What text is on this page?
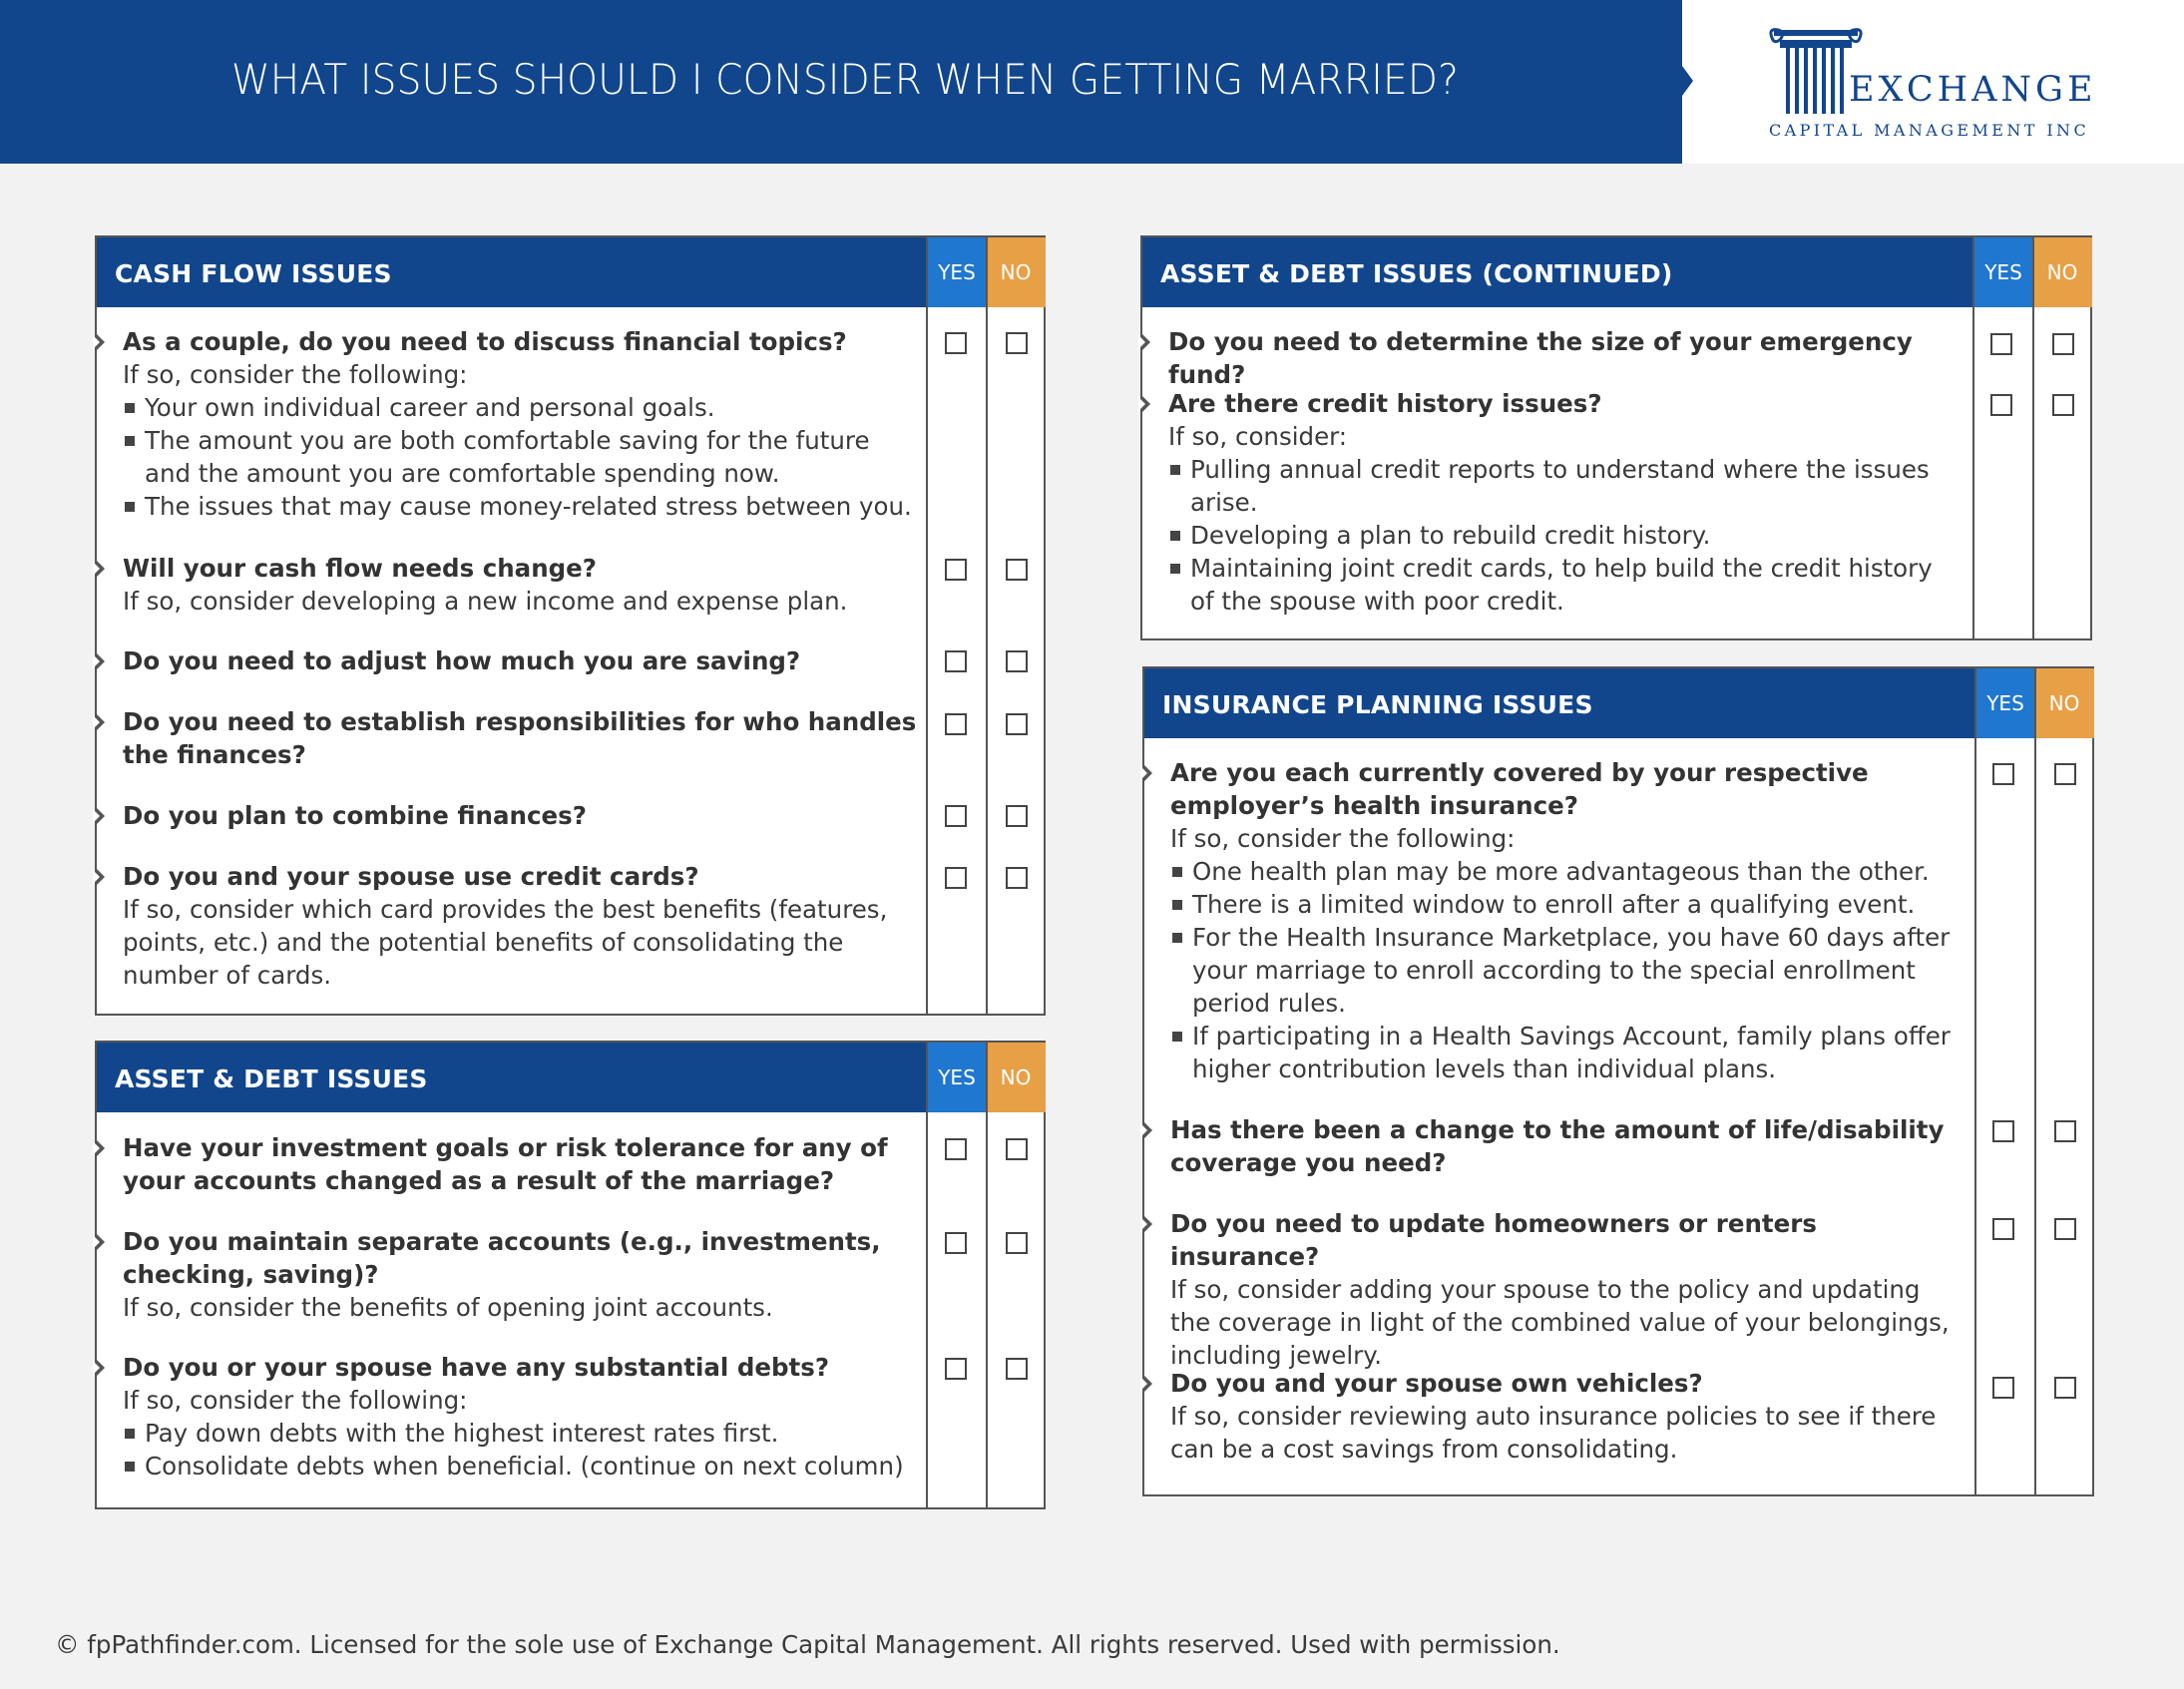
WHAT ISSUES SHOULD I CONSIDER WHEN GETTING MARRIED?	EXCHANGE
CAPITAL MANAGEMENT INC
CASH FLOW ISSUES	YES	NO
As a couple, do you need to discuss financial topics?
If so, consider the following:
Your own individual career and personal goals.
The amount you are both comfortable saving for the future and the amount you are comfortable spending now.
The issues that may cause money-related stress between you.
Will your cash flow needs change?
If so, consider developing a new income and expense plan.
Do you need to adjust how much you are saving?
Do you need to establish responsibilities for who handles the finances?
Do you plan to combine finances?
Do you and your spouse use credit cards?
If so, consider which card provides the best benefits (features, points, etc.) and the potential benefits of consolidating the number of cards.
ASSET & DEBT ISSUES	YES	NO
Have your investment goals or risk tolerance for any of your accounts changed as a result of the marriage?
Do you maintain separate accounts (e.g., investments, checking, saving)?
If so, consider the benefits of opening joint accounts.
Do you or your spouse have any substantial debts?
If so, consider the following:
Pay down debts with the highest interest rates first.
Consolidate debts when beneficial. (continue on next column)
ASSET & DEBT ISSUES (CONTINUED)	YES	NO
Do you need to determine the size of your emergency fund?
Are there credit history issues?
If so, consider:
Pulling annual credit reports to understand where the issues arise.
Developing a plan to rebuild credit history.
Maintaining joint credit cards, to help build the credit history of the spouse with poor credit.
INSURANCE PLANNING ISSUES	YES	NO
Are you each currently covered by your respective employer’s health insurance?
If so, consider the following:
One health plan may be more advantageous than the other.
There is a limited window to enroll after a qualifying event.
For the Health Insurance Marketplace, you have 60 days after your marriage to enroll according to the special enrollment period rules.
If participating in a Health Savings Account, family plans offer higher contribution levels than individual plans.
Has there been a change to the amount of life/disability coverage you need?
Do you need to update homeowners or renters insurance?
If so, consider adding your spouse to the policy and updating the coverage in light of the combined value of your belongings, including jewelry.
Do you and your spouse own vehicles?
If so, consider reviewing auto insurance policies to see if there can be a cost savings from consolidating.
© fpPathfinder.com. Licensed for the sole use of Exchange Capital Management. All rights reserved. Used with permission.
